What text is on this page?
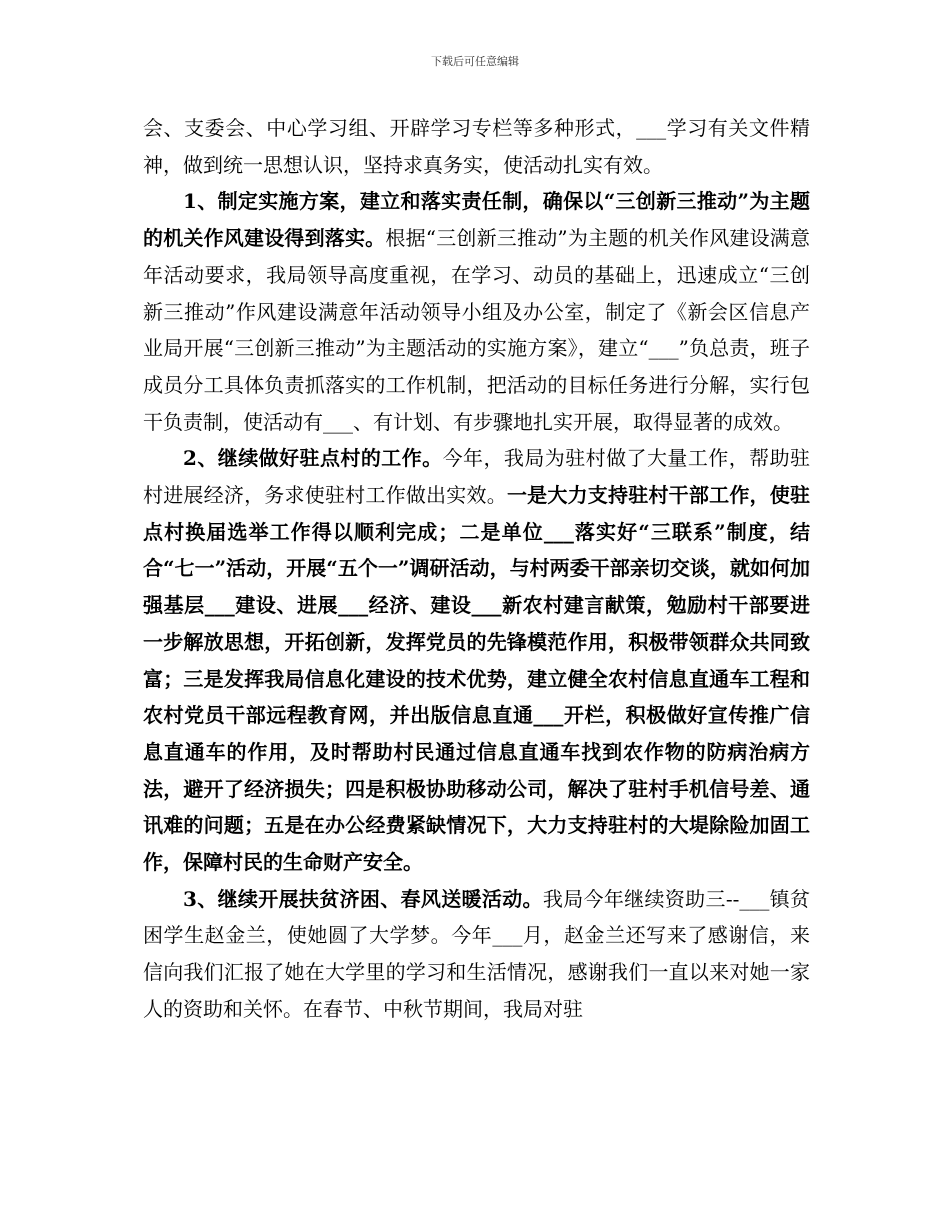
下载后可任意编辑

会、支委会、中心学习组、开辟学习专栏等多种形式，___学习有关文件精神，做到统一思想认识，坚持求真务实，使活动扎实有效。

1、制定实施方案，建立和落实责任制，确保以“三创新三推动”为主题的机关作风建设得到落实。根据“三创新三推动”为主题的机关作风建设满意年活动要求，我局领导高度重视，在学习、动员的基础上，迅速成立“三创新三推动”作风建设满意年活动领导小组及办公室，制定了《新会区信息产业局开展“三创新三推动”为主题活动的实施方案》，建立“___”负总责，班子成员分工具体负责抓落实的工作机制，把活动的目标任务进行分解，实行包干负责制，使活动有___、有计划、有步骤地扎实开展，取得显著的成效。

2、继续做好驻点村的工作。今年，我局为驻村做了大量工作，帮助驻村进展经济，务求使驻村工作做出实效。一是大力支持驻村干部工作，使驻点村换届选举工作得以顺利完成；二是单位___落实好“三联系”制度，结合“七一”活动，开展“五个一”调研活动，与村两委干部亲切交谈，就如何加强基层___建设、进展___经济、建设___新农村建言献策，勉励村干部要进一步解放思想，开拓创新，发挥党员的先锋模范作用，积极带领群众共同致富；三是发挥我局信息化建设的技术优势，建立健全农村信息直通车工程和农村党员干部远程教育网，并出版信息直通___开栏，积极做好宣传推广信息直通车的作用，及时帮助村民通过信息直通车找到农作物的防病治病方法，避开了经济损失；四是积极协助移动公司，解决了驻村手机信号差、通讯难的问题；五是在办公经费紧缺情况下，大力支持驻村的大堤除险加固工作，保障村民的生命财产安全。

3、继续开展扶贫济困、春风送暖活动。我局今年继续资助三--___镇贫困学生赵金兰，使她圆了大学梦。今年___月，赵金兰还写来了感谢信，来信向我们汇报了她在大学里的学习和生活情况，感谢我们一直以来对她一家人的资助和关怀。在春节、中秋节期间，我局对驻
